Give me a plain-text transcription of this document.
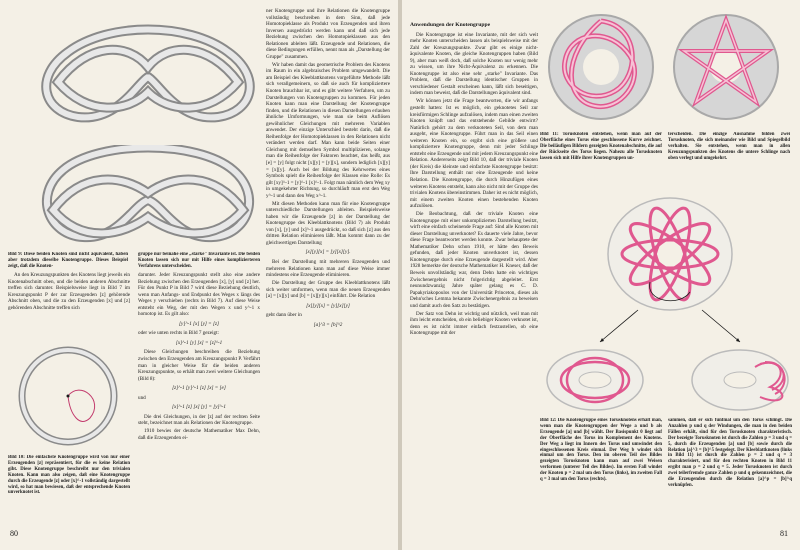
Bild 9: Diese beiden Knoten sind nicht äquivalent, haben aber trotzdem dieselbe Knotengruppe. Dieses Beispiel zeigt, daß die Knoten-
gruppe nur beinahe eine „starke" Invariante ist. Die beiden Knoten lassen sich nur mit Hilfe eines komplizierteren Verfahrens unterscheiden.

An den Kreuzungspunkten des Knotens liegt jeweils ein Knotenabschnitt oben, und die beiden anderen Abschnitte treffen sich darunter. Beispielsweise liegt in Bild 7 im Kreuzungspunkt P der zur Erzeugenden [z] gehörende Abschnitt oben, und die zu den Erzeugenden [x] und [z] gehörenden Abschnitte treffen sich

Bild 10: Die einfachste Knotengruppe wird von nur einer Erzeugenden [z] repräsentiert, für die es keine Relation gibt. Diese Knotengruppe beschreibt nur den trivialen Knoten. Kann man also zeigen, daß eine Knotengruppe durch die Erzeugende [z] oder [x]^-1 vollständig dargestellt wird, so hat man bewiesen, daß der entsprechende Knoten unverknotet ist.

darunter. Jeder Kreuzungspunkt stellt also eine andere Beziehung zwischen den Erzeugenden [x], [y] und [z] her. Für den Punkt P in Bild 7 wird diese Beziehung deutlich, wenn man Anfangs- und Endpunkt des Weges x längs des Weges y verschieben (rechts in Bild 7). Auf diese Weise entsteht ein Weg, der mit den Wegen x und y^-1 x homotop ist. Es gilt also:

[y]^-1 [x] [y] = [z]

oder wie unten rechts in Bild 7 gezeigt:

[x]^-1 [y] [x] = [z]^-1

Diese Gleichungen beschreiben die Beziehung zwischen den Erzeugenden am Kreuzungspunkt P. Verfährt man in gleicher Weise für die beiden anderen Kreuzungspunkte, so erhält man zwei weitere Gleichungen (Bild 8):

[z]^-1 [y]^-1 [z] [x] = [e]

und

[x]^-1 [z] [x] [y] = [y]^-1

Die drei Gleichungen, in der [z] auf der rechten Seite steht, bezeichnet man als Relationen der Knotengruppe.

1910 bewies der deutsche Mathematiker Max Dehn, daß die Erzeugenden ei-

ner Knotengruppe und ihre Relationen die Knotengruppe vollständig beschreiben in dem Sinn, daß jede Homotopieklasse als Produkt von Erzeugenden und ihren Inversen ausgedrückt werden kann und daß sich jede Beziehung zwischen den Homotopieklassen aus den Relationen ableiten läßt. Erzeugende und Relationen, die diese Bedingungen erfüllen, nennt man als „Darstellung der Gruppe" zusammen.

Wir haben damit das geometrische Problem des Knotens im Raum in ein algebraisches Problem umgewandelt. Die am Beispiel des Kleeblattknotens vorgeführte Methode läßt sich verallgemeinern, so daß sie auch für kompliziertere Knoten brauchbar ist, und es gibt weitere Verfahren, um zu Darstellungen von Knotengruppen zu kommen. Für jeden Knoten kann man eine Darstellung der Knotengruppe finden, und die Relationen in diesen Darstellungen erlauben ähnliche Umformungen, wie man sie beim Auflösen gewöhnlicher Gleichungen mit mehreren Variablen anwendet. Der einzige Unterschied besteht darin, daß die Reihenfolge der Homotopieklassen in den Relationen nicht verändert werden darf. Man kann beide Seiten einer Gleichung mit demselben Symbol multiplizieren, solange man die Reihenfolge der Faktoren beachtet, das heißt, aus [e] = [y] folgt nicht [x][y] = [y][x], sondern lediglich [x][y] = [x][y]. Auch bei der Bildung des Kehrwertes eines Symbols spielt die Reihenfolge der Klassen eine Rolle: Es gilt [xy]^-1 = [y]^-1 [x]^-1. Folgt man nämlich dem Weg xy in umgekehrter Richtung, so durchläuft man erst den Weg y^-1 und dann den Weg x^-1.

Mit diesen Methoden kann man für eine Knotengruppe unterschiedliche Darstellungen ableiten. Beispielsweise haben wir die Erzeugende [z] in der Darstellung der Knotengruppe des Kleeblattknotens (Bild 7) als Produkt von [x], [y] und [x]^-1 ausgedrückt, so daß sich [z] aus den dritten Relation eliminieren läßt. Man kommt dann zu der gleichwertigen Darstellung

[x][y][x] = [y][x][y].

Bei der Darstellung mit mehreren Erzeugenden und mehreren Relationen kann man auf diese Weise immer mindestens eine Erzeugende eliminieren.

Die Darstellung der Gruppe des Kleeblattknotens läßt sich weiter umformen, wenn man die neuen Erzeugenden [a] = [x][y] und [b] = [x][y][x] einführt. Die Relation

[x][y][x] = [y][x][y]

geht dann über in

[a]^3 = [b]^2

80
Anwendungen der Knotengruppe

Die Knotengruppe ist eine Invariante, mit der sich weit mehr Knoten unterscheiden lassen als beispielsweise mit der Zahl der Kreuzungspunkte. Zwar gibt es einige nicht-äquivalente Knoten, die gleiche Knotengruppen haben (Bild 9), aber man weiß doch, daß solche Knoten nur wenig mehr zu wissen, um ihre Nicht-Äquivalenz zu erkennen. Die Knotengruppe ist also eine sehr „starke" Invariante. Das Problem, daß die Darstellung identischer Gruppen in verschiedener Gestalt erscheinen kann, läßt sich beseitigen, indem man beweist, daß die Darstellungen äquivalent sind.

Wir können jetzt die Frage beantworten, die wir anfangs gestellt hatten: Ist es möglich, ein geknotetes Seil zur kreisförmigen Schlinge aufzulösen, indem man einen zweiten Knoten knüpft und das entstehende Gebilde entwirrt? Natürlich gehört zu dem verknoteten Seil, von dem man ausgeht, eine Knotengruppe. Führt man in das Seil einen weiteren Knoten ein, so ergibt sich eine größere und kompliziertere Knotengruppe, denn mit jeder Schlinge entsteht eine Erzeugende und mit jedem Kreuzungspunkt eine Relation. Andererseits zeigt Bild 10, daß der triviale Knoten (der Kreis) die kleinste und einfachste Knotengruppe besitzt: Ihre Darstellung enthält nur eine Erzeugende und keine Relation. Die Knotengruppe, die durch Hinzufügen eines weiteren Knotens entsteht, kann also nicht mit der Gruppe des trivialen Knotens übereinstimmen. Daher ist es nicht möglich, mit einem zweiten Knoten einen bestehenden Knoten aufzulösen.

Die Beobachtung, daß der triviale Knoten eine Knotengruppe mit einer unkomplizierten Darstellung besitzt, wirft eine einfach scheinende Frage auf: Sind alle Knoten mit dieser Darstellung unverknotet? Es dauerte viele Jahre, bevor diese Frage beantwortet werden konnte. Zwar behauptete der Mathematiker Dehn schon 1910, er hätte den Beweis gefunden, daß jeder Knoten unverknotet ist, dessen Knotengruppe durch eine Erzeugende dargestellt wird. Aber 1928 bemerkte der deutsche Mathematiker H. Kneser, daß der Beweis unvollständig war, denn Dehn hatte ein wichtiges Zwischenergebnis nicht folgerichtig abgeleitet. Erst neunundzwanzig Jahre später gelang es C. D. Papakyriakopoulos von der Universität Princeton, dieses als Dehn'sches Lemma bekannte Zwischenergebnis zu beweisen und damit auch den Satz zu bestätigen.

Der Satz von Dehn ist wichtig und nützlich, weil man mit ihm leicht entscheiden, ob ein beliebiger Knoten verknotet ist, denn es ist nicht immer einfach festzustellen, ob eine Knotengruppe mit der

Bild 11: Torusknoten entstehen, wenn man auf der Oberfläche eines Torus eine geschlossene Kurve zeichnet. Die beiläufigen Bildern gezeigten Knotenabschnitte, die auf der Rückseite des Torus liegen. Nahezu alle Torusknoten lassen sich mit Hilfe ihrer Knotengruppen un-
terscheiden. Die einzige Ausnahme bilden zwei Torusknoten, die sich meinander wie Bild und Spiegelbild verhalten. Sie entstehen, wenn man in allen Kreuzungspunkten des Knotens die untere Schlinge nach oben verlegt und umgekehrt.
Bild 12: Die Knotengruppe eines Torusknotens erhält man, wenn man die Knotengruppen der Wege a und b als Erzeugende [a] und [b] wählt. Der Basispunkt 0 liegt auf der Oberfläche des Torus im Komplement des Knotens. Der Weg a liegt im Innern des Torus und umwindet den eingeschlossenen Kreis einmal. Der Weg b windet sich einmal um den Torus. Den im oberen Teil des Bildes gezeigten Torusknoten kann man auf zwei Weisen verformen (unterer Teil des Bildes). Im ersten Fall windet der Knoten p = 2 mal um den Torus (links), im zweiten Fall q = 3 mal um den Torus (rechts).
sammen, daß er sich fünfmal um den Torus schlingt. Die Anzahlen p und q der Windungen, die man in den beiden Fällen erhält, sind für den Torusknoten charakteristisch. Der bezeigte Torusknoten ist durch die Zahlen p = 3 und q = 5, durch die Erzeugenden [a] und [b] sowie durch die Relation [a]^3 = [b]^5 festgelegt. Der Kleeblattknoten (links in Bild 11) ist durch die Zahlen p = 2 und q = 3 charakterisiert, und für den rechten Knoten in Bild 11 ergibt man p = 2 und q = 5. Jeder Torusknoten ist durch zwei teilerfremde ganze Zahlen p und q gekennzeichnet, die die Erzeugenden durch die Relation [a]^p = [b]^q verknüpfen.
81
